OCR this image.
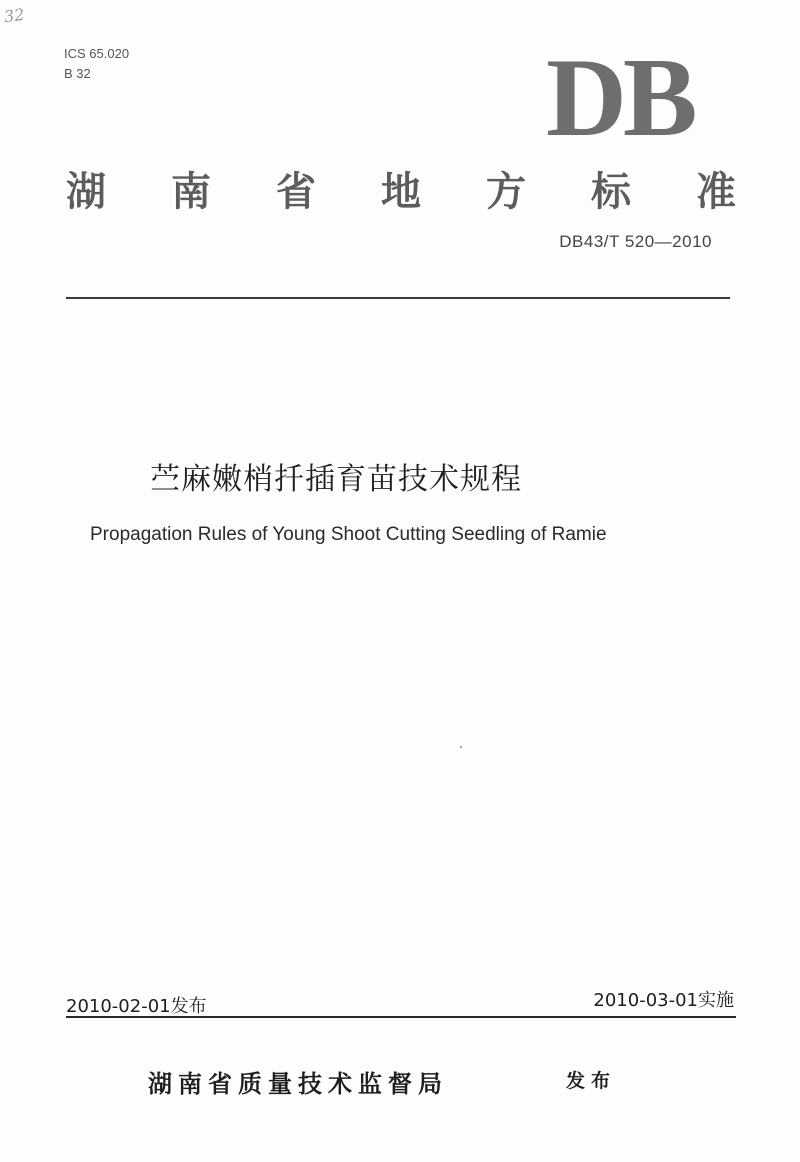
32
ICS 65.020
B 32	DB
湖 南 省 地 方 标 准
DB43/T 520—2010
苎麻嫩梢扦插育苗技术规程
Propagation Rules of Young Shoot Cutting Seedling of Ramie
2010-02-01发布	2010-03-01实施
湖南省质量技术监督局	发布
